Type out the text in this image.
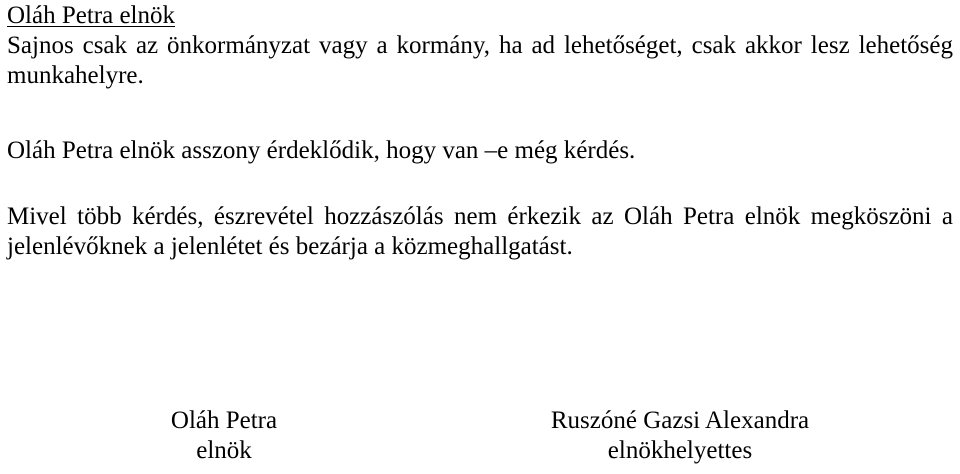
Oláh Petra elnök

Sajnos csak az önkormányzat vagy a kormány, ha ad lehetőséget, csak akkor lesz lehetőség munkahelyre.

Oláh Petra elnök asszony érdeklődik, hogy van –e még kérdés.

Mivel több kérdés, észrevétel hozzászólás nem érkezik az Oláh Petra elnök megköszöni a jelenlévőknek a jelenlétet és bezárja a közmeghallgatást.

Oláh Petra
elnök
Ruszóné Gazsi Alexandra
elnökhelyettes
